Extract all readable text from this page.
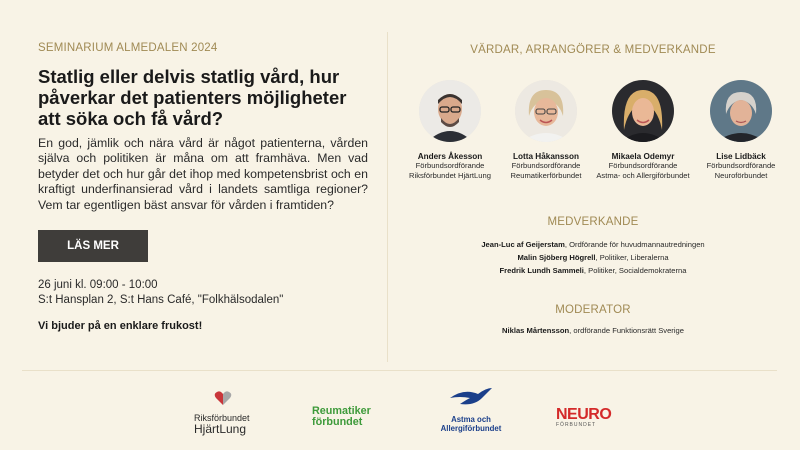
SEMINARIUM ALMEDALEN 2024
Statlig eller delvis statlig vård, hur påverkar det patienters möjligheter att söka och få vård?

En god, jämlik och nära vård är något patienterna, vården själva och politiken är måna om att framhäva. Men vad betyder det och hur går det ihop med kompetensbrist och en kraftigt underfinansierad vård i landets samtliga regioner? Vem tar egentligen bäst ansvar för vården i framtiden?

LÄS MER
26 juni kl. 09:00 - 10:00
S:t Hansplan 2, S:t Hans Café, "Folkhälsodalen"
Vi bjuder på en enklare frukost!
VÄRDAR, ARRANGÖRER & MEDVERKANDE
Anders Åkesson
Förbundsordförande
Riksförbundet HjärtLung
Lotta Håkansson
Förbundsordförande
Reumatikerförbundet
Mikaela Odemyr
Förbundsordförande
Astma- och Allergiförbundet
Lise Lidbäck
Förbundsordförande
Neuroförbundet
MEDVERKANDE
Jean-Luc af Geijerstam, Ordförande för huvudmannautredningen
Malin Sjöberg Högrell, Politiker, Liberalerna
Fredrik Lundh Sammeli, Politiker, Socialdemokraterna
MODERATOR
Niklas Mårtensson, ordförande Funktionsrätt Sverige
Riksförbundet
HjärtLung
Reumatiker
förbundet	Astma och
Allergiförbundet
NEURO
FÖRBUNDET
